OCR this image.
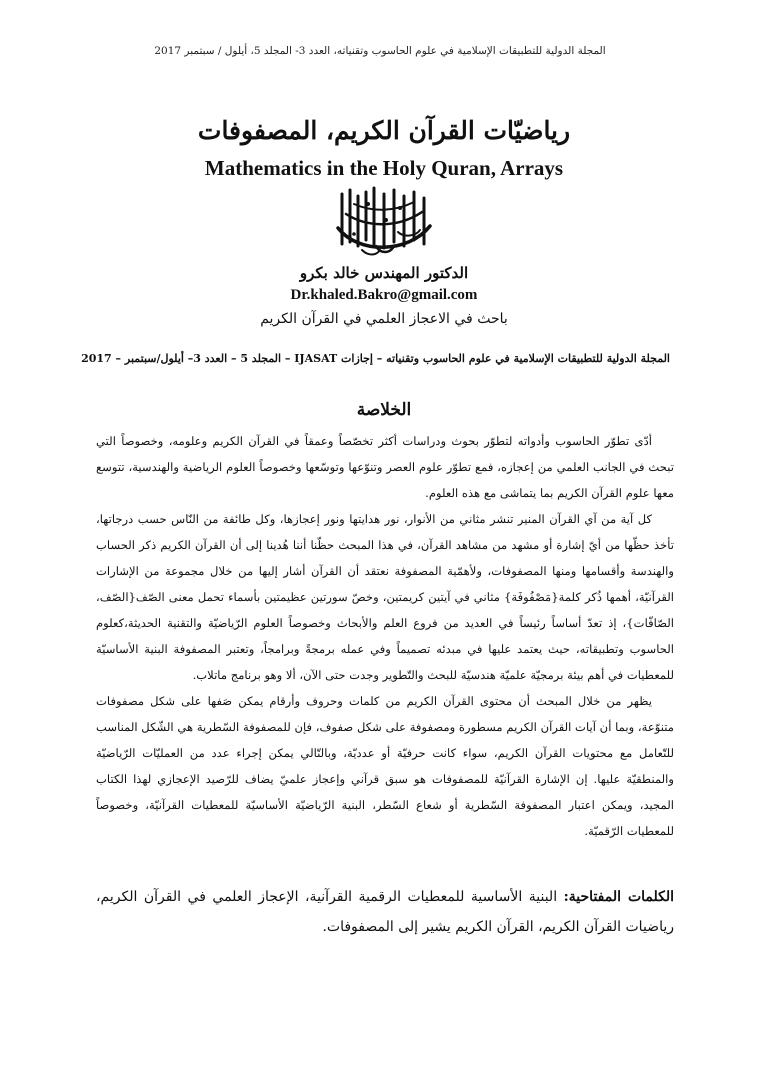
المجلة الدولية للتطبيقات الإسلامية في علوم الحاسوب وتقنياته، العدد 3- المجلد 5، أيلول / سبتمبر 2017
رياضيّات القرآن الكريم، المصفوفات
Mathematics in the Holy Quran, Arrays
الدكتور المهندس خالد بكرو
Dr.khaled.Bakro@gmail.com
باحث في الاعجاز العلمي في القرآن الكريم
المجلة الدولية للتطبيقات الإسلامية في علوم الحاسوب وتقنياته – إجازات IJASAT – المجلد 5 – العدد 3– أيلول/سبتمبر – 2017
الخلاصة

أدّى تطوّر الحاسوب وأدواته لتطوّر بحوث ودراسات أكثر تخصّصاً وعمقاً في القرآن الكريم وعلومه، وخصوصاً التي تبحث في الجانب العلمي من إعجازه، فمع تطوّر علوم العصر وتنوّعها وتوسّعها وخصوصاً العلوم الرياضية والهندسية، تتوسع معها علوم القرآن الكريم بما يتماشى مع هذه العلوم.

كل آية من آي القرآن المنير تنشر مثاني من الأنوار، نور هدايتها ونور إعجازها، وكل طائفة من النّاس حسب درجاتها، تأخذ حظّها من أيّ إشارة أو مشهد من مشاهد القرآن، في هذا المبحث حظّنا أننا هُدينا إلى أن القرآن الكريم ذكر الحساب والهندسة وأقسامها ومنها المصفوفات، ولأهمّية المصفوفة نعتقد أن القرآن أشار إليها من خلال مجموعة من الإشارات القرآنيّة، أهمها ذُكر كلمة{مَصْفُوفَة} مثاني في آيتين كريمتين، وخصّ سورتين عظيمتين بأسماء تحمل معنى الصّف{الصّف، الصّافّات}، إذ تعدّ أساساً رئيساً في العديد من فروع العلم والأبحاث وخصوصاً العلوم الرّياضيّة والتقنية الحديثة،كعلوم الحاسوب وتطبيقاته، حيث يعتمد عليها في مبدئه تصميماً وفي عمله برمجةً وبرامجاً، وتعتبر المصفوفة البنية الأساسيّة للمعطيات في أهم بيئة برمجيّة علميّة هندسيّة للبحث والتّطوير وجدت حتى الآن، ألا وهو برنامج ماتلاب.

يظهر من خلال المبحث أن محتوى القرآن الكريم من كلمات وحروف وأرقام يمكن صَفها على شكل مصفوفات متنوّعة، وبما أن آيات القرآن الكريم مسطورة ومصفوفة على شكل صفوف، فإن للمصفوفة السّطرية هي الشّكل المناسب للتّعامل مع محتويات القرآن الكريم، سواء كانت حرفيّة أو عدديّة، وبالتّالي يمكن إجراء عدد من العمليّات الرّياضيّة والمنطقيّة عليها. إن الإشارة القرآنيّة للمصفوفات هو سبق قرآني وإعجاز علميّ يضاف للرّصيد الإعجازي لهذا الكتاب المجيد، ويمكن اعتبار المصفوفة السّطرية أو شعاع السّطر، البنية الرّياضيّة الأساسيّة للمعطيات القرآنيّة، وخصوصاً للمعطيات الرّقميّة.

الكلمات المفتاحية: البنية الأساسية للمعطيات الرقمية القرآنية، الإعجاز العلمي في القرآن الكريم، رياضيات القرآن الكريم، القرآن الكريم يشير إلى المصفوفات.
